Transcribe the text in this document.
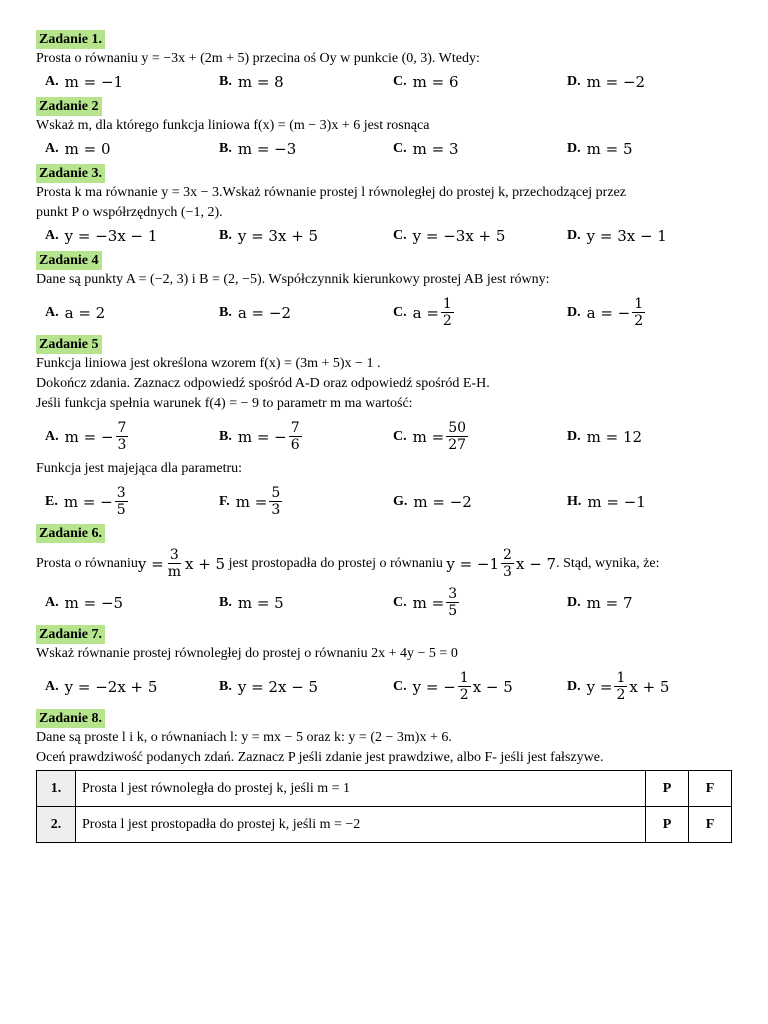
Zadanie 1.
Prosta o równaniu y = −3x + (2m + 5) przecina oś Oy w punkcie (0, 3). Wtedy:
A. m = −1	B. m = 8	C. m = 6	D. m = −2
Zadanie 2
Wskaż m, dla którego funkcja liniowa f(x) = (m − 3)x + 6 jest rosnąca
A. m = 0	B. m = −3	C. m = 3	D. m = 5
Zadanie 3.
Prosta k ma równanie y = 3x − 3.Wskaż równanie prostej l równoległej do prostej k, przechodzącej przez
punkt P o współrzędnych (−1, 2).
A. y = −3x − 1	B. y = 3x + 5	C. y = −3x + 5	D. y = 3x − 1
Zadanie 4
Dane są punkty A = (−2, 3) i B = (2, −5). Współczynnik kierunkowy prostej AB jest równy:
A. a = 2	B. a = −2	C. $a = \frac{1}{2}$	D. a = − $\frac{1}{2}$
Zadanie 5
Funkcja liniowa jest określona wzorem f(x) = (3m + 5)x − 1 .
Dokończ zdania. Zaznacz odpowiedź spośród A-D oraz odpowiedź spośród E-H.
Jeśli funkcja spełnia warunek f(4) = − 9 to parametr m ma wartość:
A. m = − $\frac{7}{3}$	B. m = − $\frac{7}{6}$	C. $m = \frac{50}{27}$	D. m = 12
Funkcja jest majejąca dla parametru:
E. m = − $\frac{3}{5}$	F. $m = \frac{5}{3}$	G. m = −2	H. m = −1
Zadanie 6.
Prosta o równaniu $y = \frac{3}{m}$ x + 5 jest prostopadła do prostej o równaniu $y = -1 \frac{2}{3}$ x − 7 . Stąd, wynika, że:
A. m = −5	B. m = 5	C. $m = \frac{3}{5}$	D. m = 7
Zadanie 7.
Wskaż równanie prostej równoległej do prostej o równaniu 2x + 4y − 5 = 0
A. y = −2x + 5	B. y = 2x − 5	C. y = − $\frac{1}{2}$ x − 5	D. $y = \frac{1}{2}$ x + 5
Zadanie 8.
Dane są proste l i k, o równaniach l: y = mx − 5 oraz k: y = (2 − 3m)x + 6.
Oceń prawdziwość podanych zdań. Zaznacz P jeśli zdanie jest prawdziwe, albo F- jeśli jest fałszywe.
1.	Prosta l jest równoległa do prostej k, jeśli m = 1	P	F
2.	Prosta l jest prostopadła do prostej k, jeśli m = −2	P	F
